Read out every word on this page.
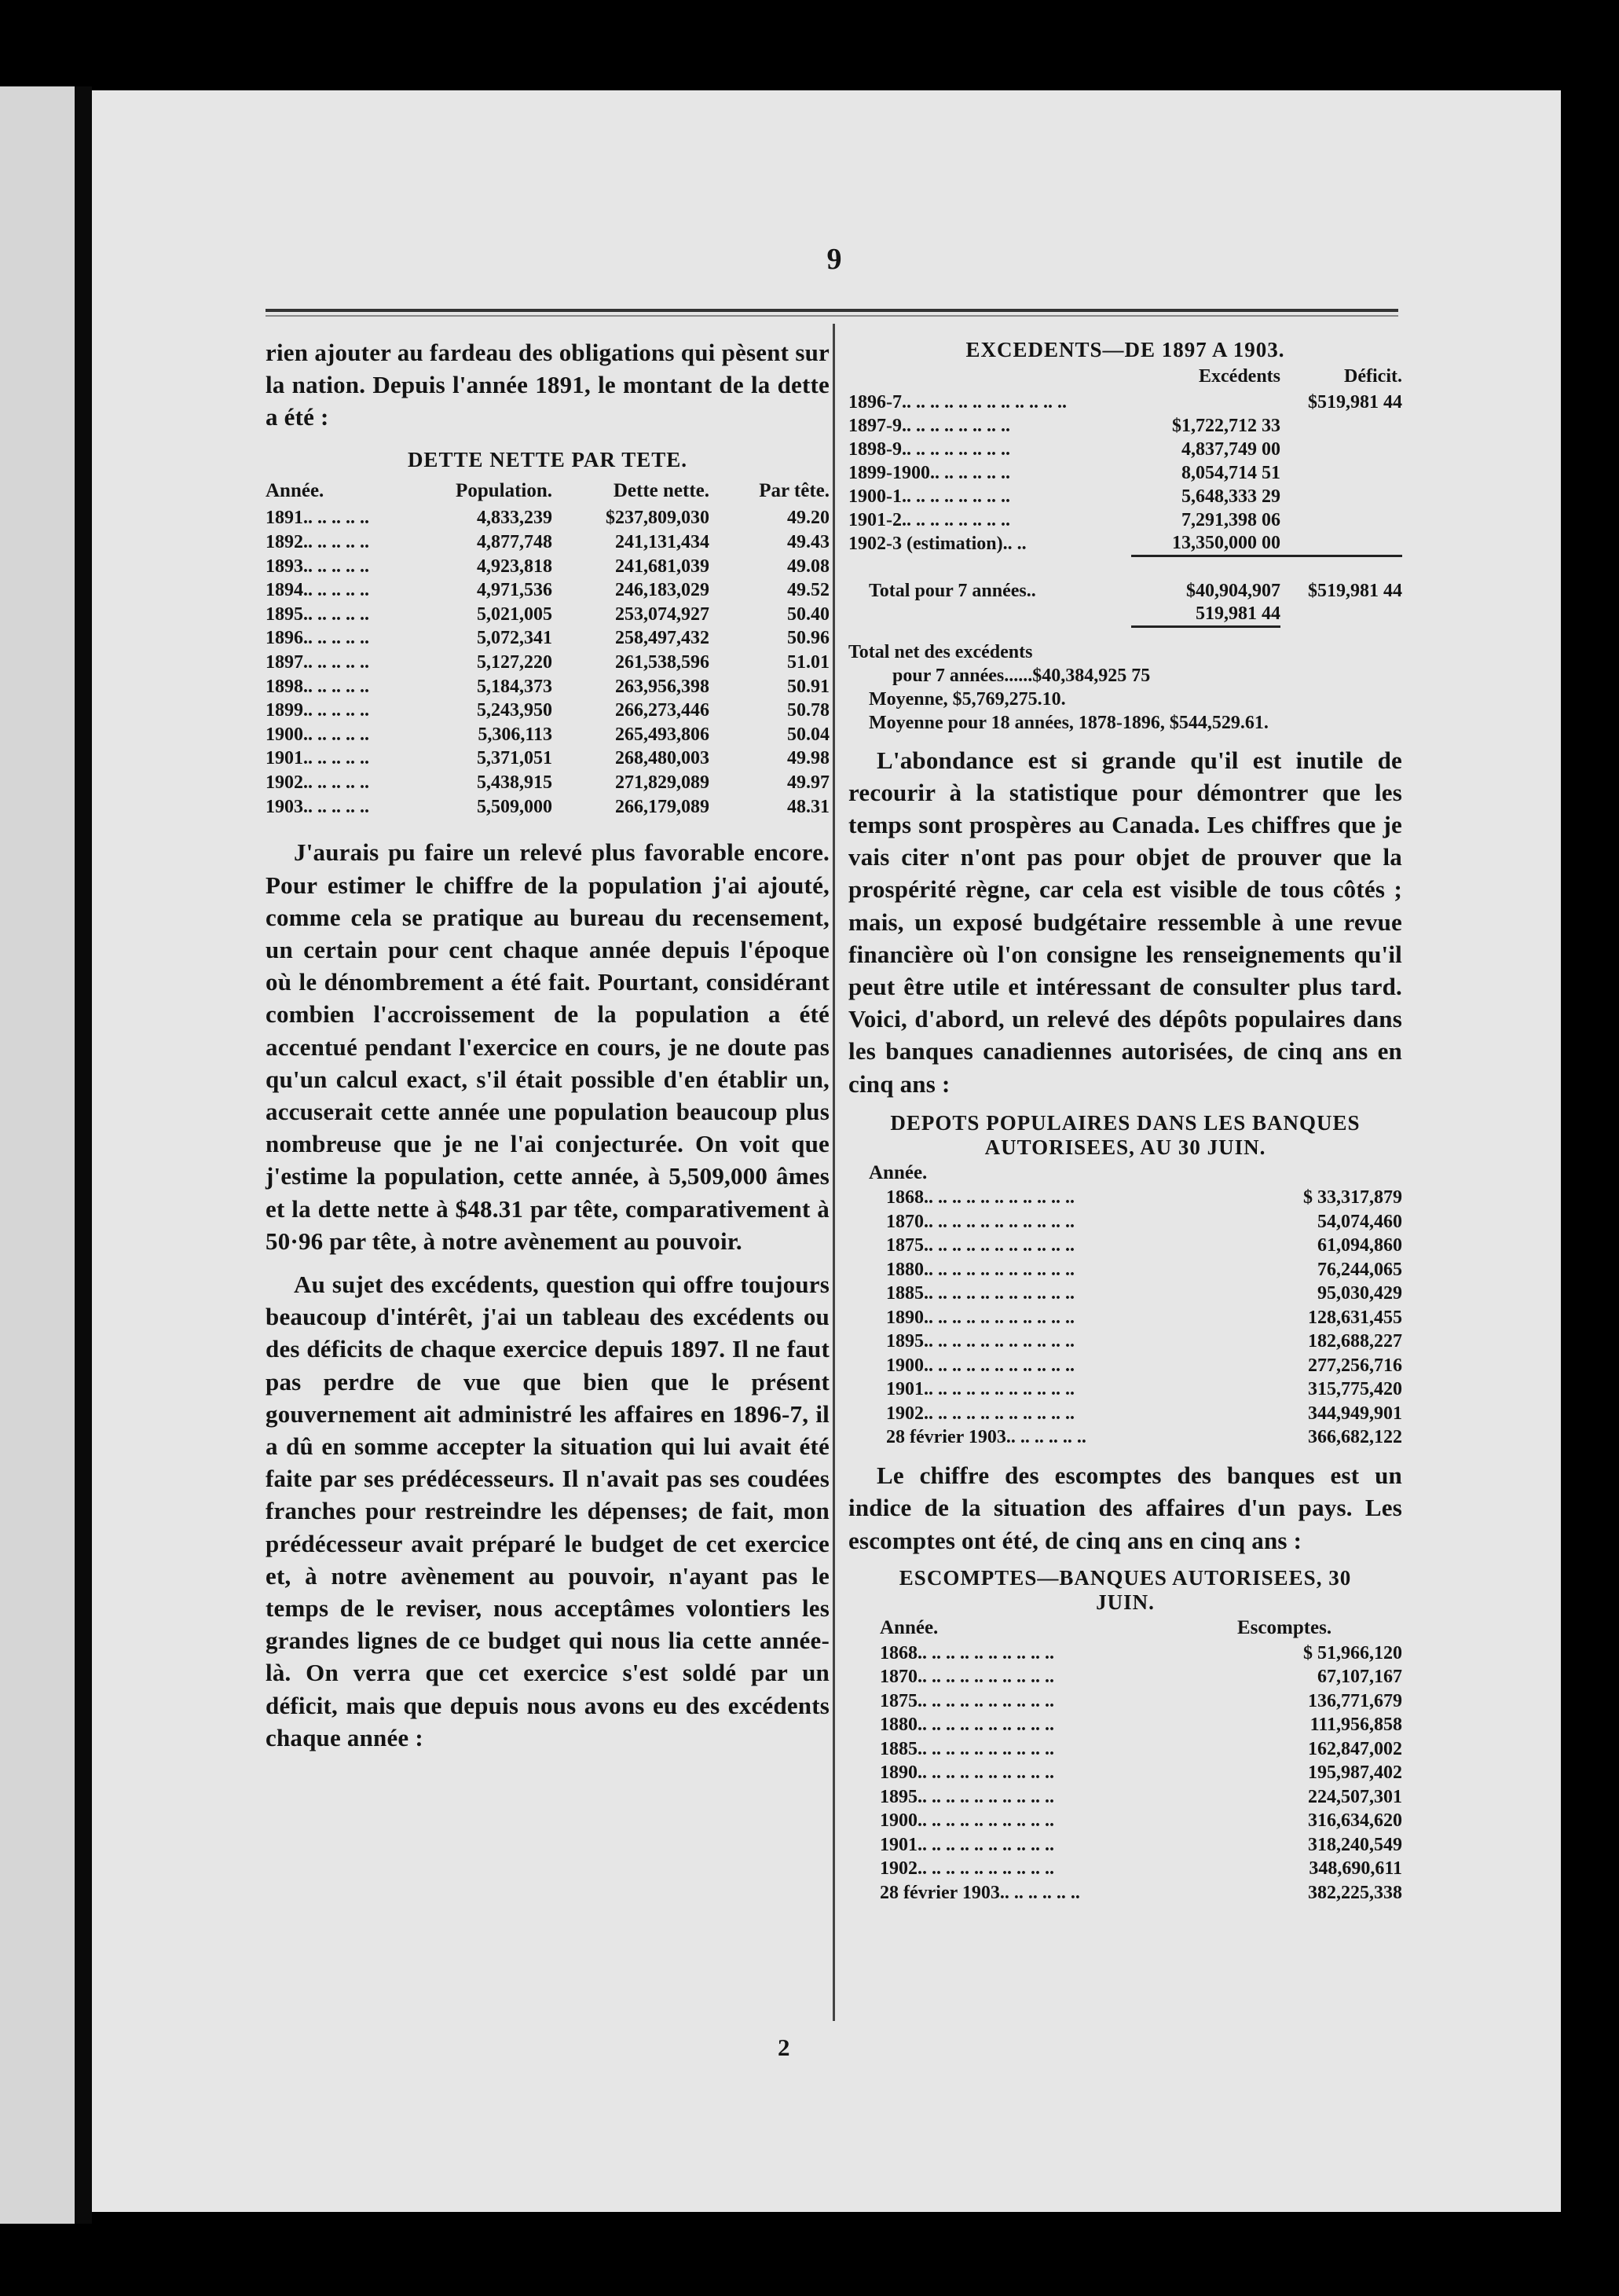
9

rien ajouter au fardeau des obligations qui pèsent sur la nation. Depuis l'année 1891, le montant de la dette a été :

DETTE NETTE PAR TETE.
Année.	Population.	Dette nette.	Par tête.
1891.. .. .. .. ..	4,833,239	$237,809,030	49.20
1892.. .. .. .. ..	4,877,748	241,131,434	49.43
1893.. .. .. .. ..	4,923,818	241,681,039	49.08
1894.. .. .. .. ..	4,971,536	246,183,029	49.52
1895.. .. .. .. ..	5,021,005	253,074,927	50.40
1896.. .. .. .. ..	5,072,341	258,497,432	50.96
1897.. .. .. .. ..	5,127,220	261,538,596	51.01
1898.. .. .. .. ..	5,184,373	263,956,398	50.91
1899.. .. .. .. ..	5,243,950	266,273,446	50.78
1900.. .. .. .. ..	5,306,113	265,493,806	50.04
1901.. .. .. .. ..	5,371,051	268,480,003	49.98
1902.. .. .. .. ..	5,438,915	271,829,089	49.97
1903.. .. .. .. ..	5,509,000	266,179,089	48.31

J'aurais pu faire un relevé plus favorable encore. Pour estimer le chiffre de la population j'ai ajouté, comme cela se pratique au bureau du recensement, un certain pour cent chaque année depuis l'époque où le dénombrement a été fait. Pourtant, considérant combien l'accroissement de la population a été accentué pendant l'exercice en cours, je ne doute pas qu'un calcul exact, s'il était possible d'en établir un, accuserait cette année une population beaucoup plus nombreuse que je ne l'ai conjecturée. On voit que j'estime la population, cette année, à 5,509,000 âmes et la dette nette à $48.31 par tête, comparativement à 50·96 par tête, à notre avènement au pouvoir.

Au sujet des excédents, question qui offre toujours beaucoup d'intérêt, j'ai un tableau des excédents ou des déficits de chaque exercice depuis 1897. Il ne faut pas perdre de vue que bien que le présent gouvernement ait administré les affaires en 1896-7, il a dû en somme accepter la situation qui lui avait été faite par ses prédécesseurs. Il n'avait pas ses coudées franches pour restreindre les dépenses; de fait, mon prédécesseur avait préparé le budget de cet exercice et, à notre avènement au pouvoir, n'ayant pas le temps de le reviser, nous acceptâmes volontiers les grandes lignes de ce budget qui nous lia cette année-là. On verra que cet exercice s'est soldé par un déficit, mais que depuis nous avons eu des excédents chaque année :

EXCEDENTS—DE 1897 A 1903.
	Excédents	Déficit.
1896-7.. .. .. .. .. .. .. .. .. .. .. ..		$519,981 44
1897-9.. .. .. .. .. .. .. ..	$1,722,712 33	
1898-9.. .. .. .. .. .. .. ..	4,837,749 00	
1899-1900.. .. .. .. .. ..	8,054,714 51	
1900-1.. .. .. .. .. .. .. ..	5,648,333 29	
1901-2.. .. .. .. .. .. .. ..	7,291,398 06	
1902-3 (estimation).. ..	13,350,000 00	

Total pour 7 années..	$40,904,907	$519,981 44
	519,981 44	
Total net des excédents
pour 7 années......$40,384,925 75
Moyenne, $5,769,275.10.
Moyenne pour 18 années, 1878-1896, $544,529.61.

L'abondance est si grande qu'il est inutile de recourir à la statistique pour démontrer que les temps sont prospères au Canada. Les chiffres que je vais citer n'ont pas pour objet de prouver que la prospérité règne, car cela est visible de tous côtés ; mais, un exposé budgétaire ressemble à une revue financière où l'on consigne les renseignements qu'il peut être utile et intéressant de consulter plus tard. Voici, d'abord, un relevé des dépôts populaires dans les banques canadiennes autorisées, de cinq ans en cinq ans :

DEPOTS POPULAIRES DANS LES BANQUES
AUTORISEES, AU 30 JUIN.
Année.	
1868.. .. .. .. .. .. .. .. .. .. ..	$ 33,317,879
1870.. .. .. .. .. .. .. .. .. .. ..	54,074,460
1875.. .. .. .. .. .. .. .. .. .. ..	61,094,860
1880.. .. .. .. .. .. .. .. .. .. ..	76,244,065
1885.. .. .. .. .. .. .. .. .. .. ..	95,030,429
1890.. .. .. .. .. .. .. .. .. .. ..	128,631,455
1895.. .. .. .. .. .. .. .. .. .. ..	182,688,227
1900.. .. .. .. .. .. .. .. .. .. ..	277,256,716
1901.. .. .. .. .. .. .. .. .. .. ..	315,775,420
1902.. .. .. .. .. .. .. .. .. .. ..	344,949,901
28 février 1903.. .. .. .. .. ..	366,682,122

Le chiffre des escomptes des banques est un indice de la situation des affaires d'un pays. Les escomptes ont été, de cinq ans en cinq ans :

ESCOMPTES—BANQUES AUTORISEES, 30
JUIN.
	Année.	Escomptes.
	1868.. .. .. .. .. .. .. .. .. ..	$ 51,966,120
	1870.. .. .. .. .. .. .. .. .. ..	67,107,167
	1875.. .. .. .. .. .. .. .. .. ..	136,771,679
	1880.. .. .. .. .. .. .. .. .. ..	111,956,858
	1885.. .. .. .. .. .. .. .. .. ..	162,847,002
	1890.. .. .. .. .. .. .. .. .. ..	195,987,402
	1895.. .. .. .. .. .. .. .. .. ..	224,507,301
	1900.. .. .. .. .. .. .. .. .. ..	316,634,620
	1901.. .. .. .. .. .. .. .. .. ..	318,240,549
	1902.. .. .. .. .. .. .. .. .. ..	348,690,611
	28 février 1903.. .. .. .. .. ..	382,225,338
2
